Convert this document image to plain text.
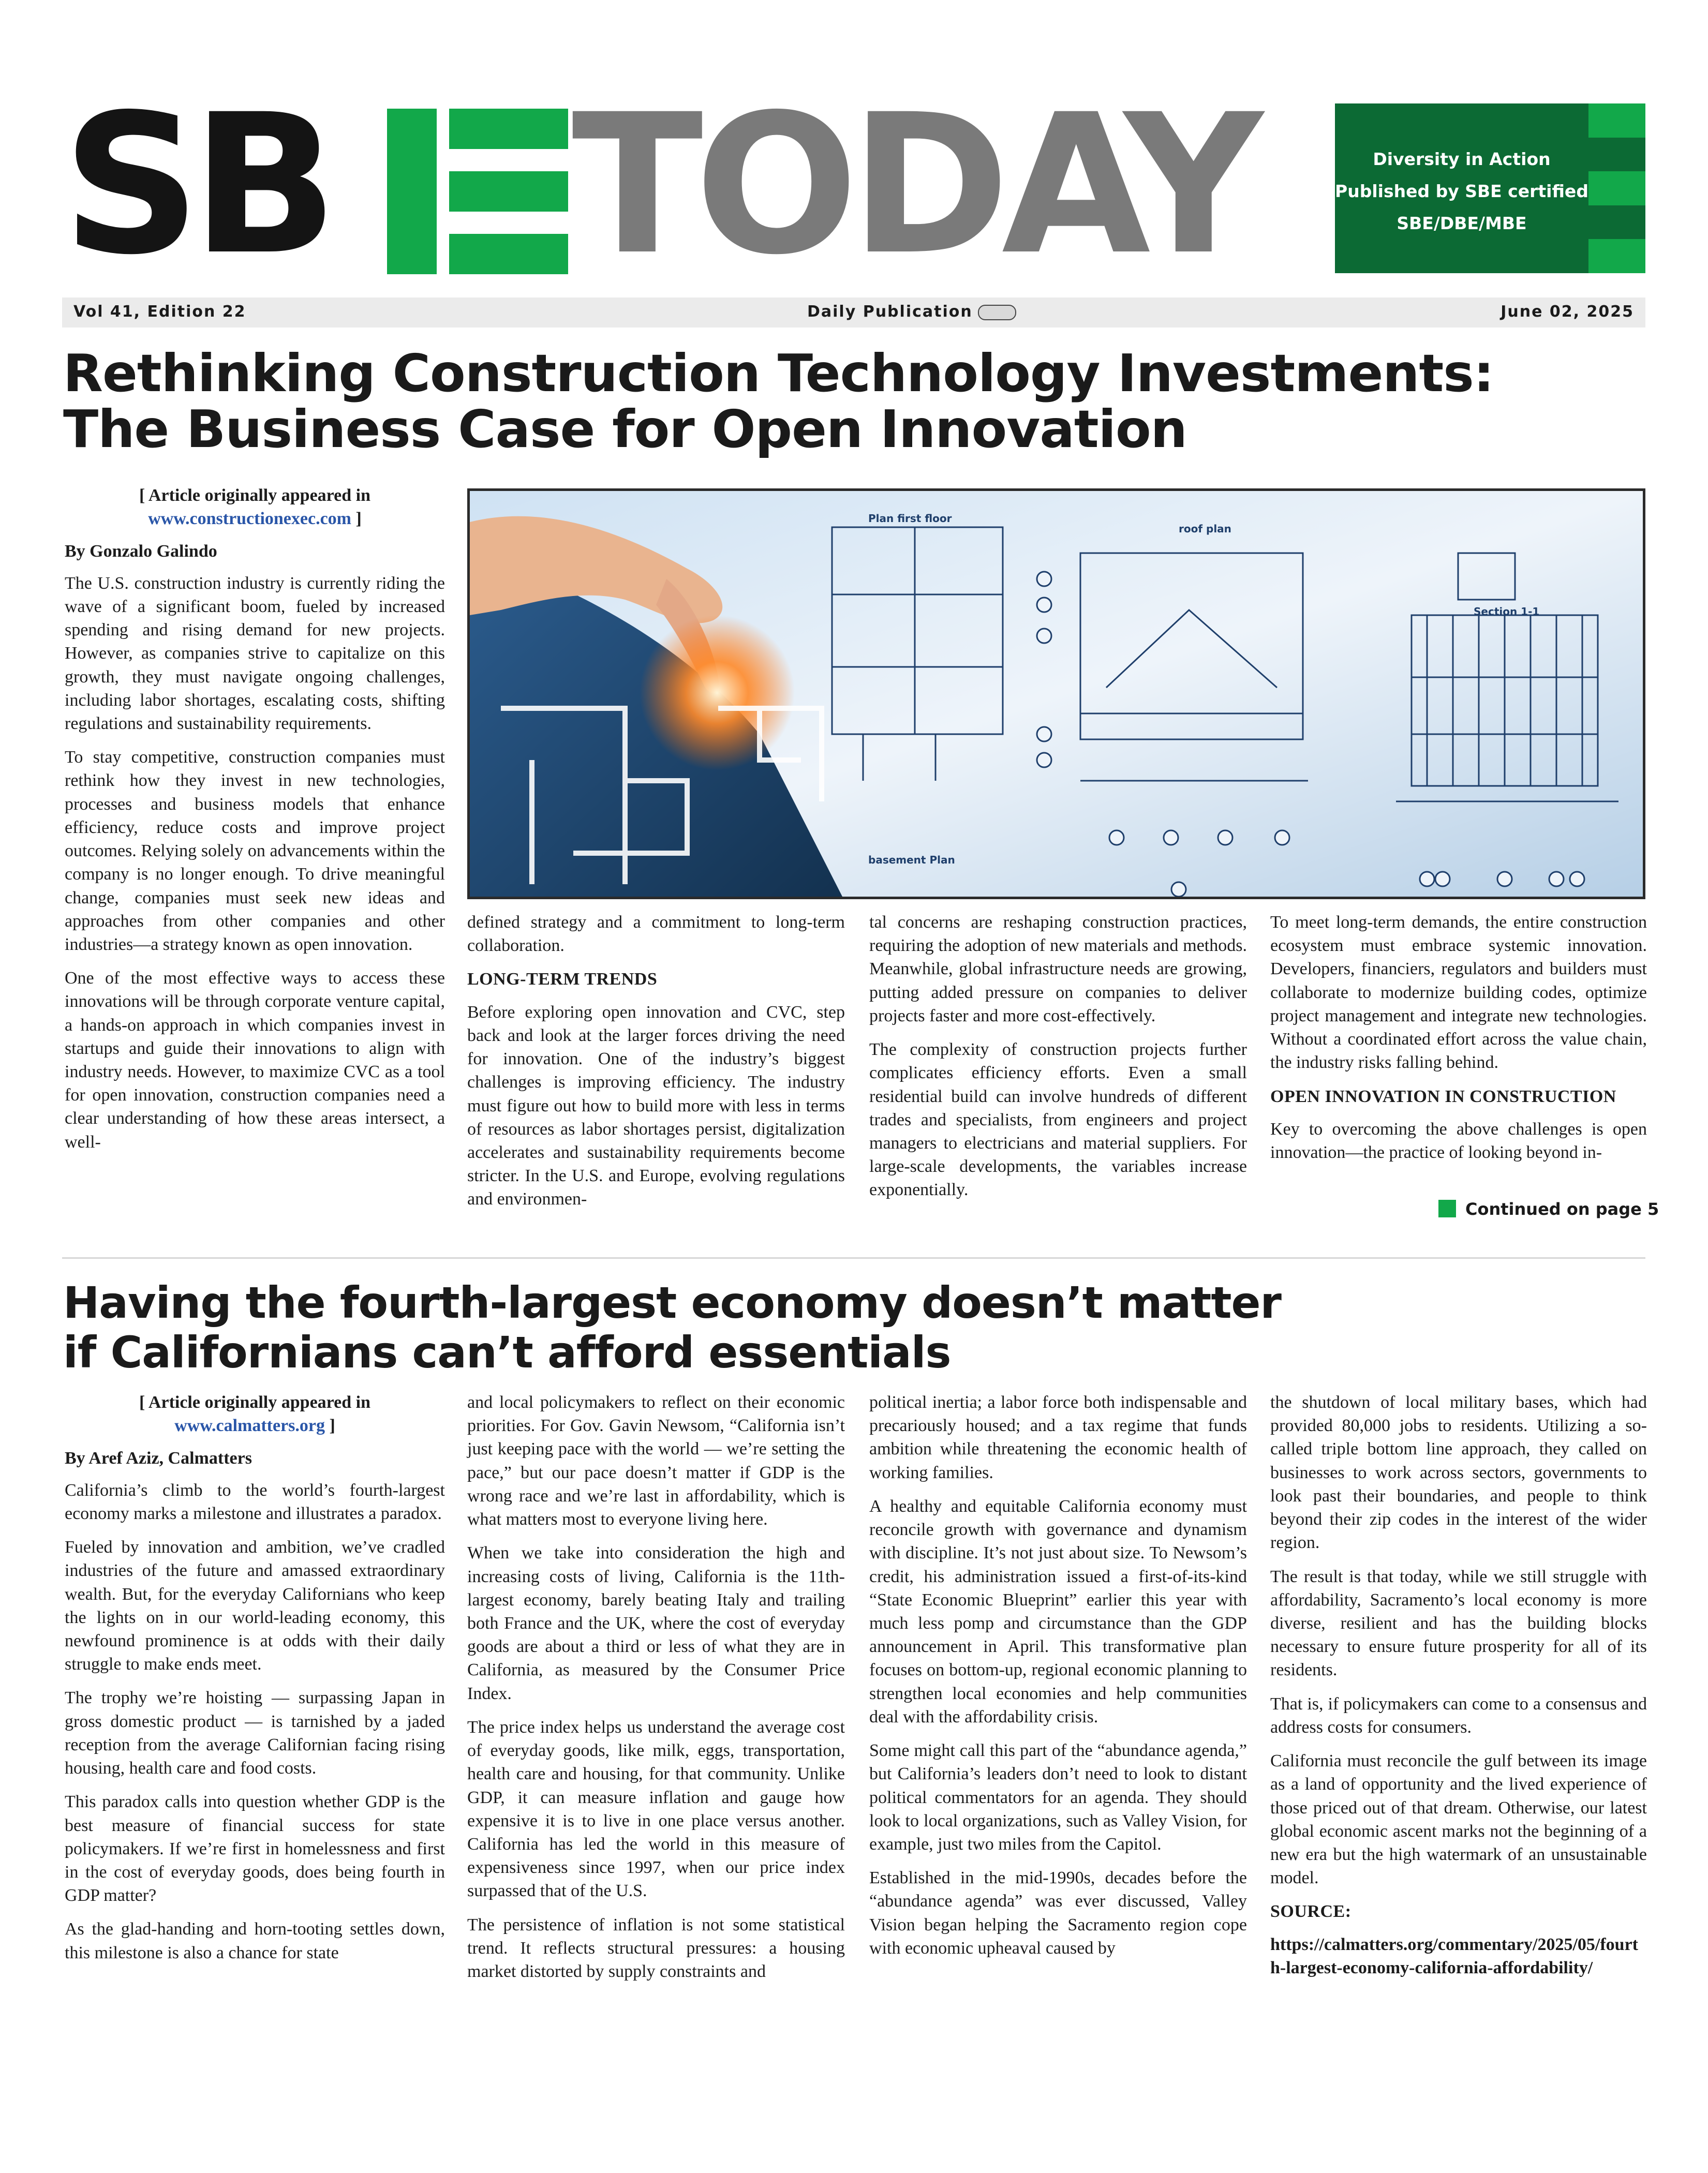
SB TODAY	Diversity in Action
Published by SBE certified
SBE/DBE/MBE
Vol 41, Edition 22	Daily Publication	June 02, 2025
Rethinking Construction Technology Investments:
The Business Case for Open Innovation

[ Article originally appeared in
www.constructionexec.com ]

By Gonzalo Galindo

The U.S. construction industry is currently riding the wave of a significant boom, fueled by increased spending and rising demand for new projects. However, as companies strive to capitalize on this growth, they must navigate ongoing challenges, including labor shortages, escalating costs, shifting regulations and sustainability requirements.

To stay competitive, construction companies must rethink how they invest in new technologies, processes and business models that enhance efficiency, reduce costs and improve project outcomes. Relying solely on advancements within the company is no longer enough. To drive meaningful change, companies must seek new ideas and approaches from other companies and other industries—a strategy known as open innovation.

One of the most effective ways to access these innovations will be through corporate venture capital, a hands-on approach in which companies invest in startups and guide their innovations to align with industry needs. However, to maximize CVC as a tool for open innovation, construction companies need a clear understanding of how these areas intersect, a well-

Plan first floor
roof plan
Section 1-1
basement Plan

defined strategy and a commitment to long-term collaboration.

LONG-TERM TRENDS

Before exploring open innovation and CVC, step back and look at the larger forces driving the need for innovation. One of the industry’s biggest challenges is improving efficiency. The industry must figure out how to build more with less in terms of resources as labor shortages persist, digitalization accelerates and sustainability requirements become stricter. In the U.S. and Europe, evolving regulations and environmen-

tal concerns are reshaping construction practices, requiring the adoption of new materials and methods. Meanwhile, global infrastructure needs are growing, putting added pressure on companies to deliver projects faster and more cost-effectively.

The complexity of construction projects further complicates efficiency efforts. Even a small residential build can involve hundreds of different trades and specialists, from engineers and project managers to electricians and material suppliers. For large-scale developments, the variables increase exponentially.

To meet long-term demands, the entire construction ecosystem must embrace systemic innovation. Developers, financiers, regulators and builders must collaborate to modernize building codes, optimize project management and integrate new technologies. Without a coordinated effort across the value chain, the industry risks falling behind.

OPEN INNOVATION IN CONSTRUCTION

Key to overcoming the above challenges is open innovation—the practice of looking beyond in-

Continued on page 5
Having the fourth-largest economy doesn’t matter
if Californians can’t afford essentials

[ Article originally appeared in
www.calmatters.org ]

By Aref Aziz, Calmatters

California’s climb to the world’s fourth-largest economy marks a milestone and illustrates a paradox.

Fueled by innovation and ambition, we’ve cradled industries of the future and amassed extraordinary wealth. But, for the everyday Californians who keep the lights on in our world-leading economy, this newfound prominence is at odds with their daily struggle to make ends meet.

The trophy we’re hoisting — surpassing Japan in gross domestic product — is tarnished by a jaded reception from the average Californian facing rising housing, health care and food costs.

This paradox calls into question whether GDP is the best measure of financial success for state policymakers. If we’re first in homelessness and first in the cost of everyday goods, does being fourth in GDP matter?

As the glad-handing and horn-tooting settles down, this milestone is also a chance for state

and local policymakers to reflect on their economic priorities. For Gov. Gavin Newsom, “California isn’t just keeping pace with the world — we’re setting the pace,” but our pace doesn’t matter if GDP is the wrong race and we’re last in affordability, which is what matters most to everyone living here.

When we take into consideration the high and increasing costs of living, California is the 11th-largest economy, barely beating Italy and trailing both France and the UK, where the cost of everyday goods are about a third or less of what they are in California, as measured by the Consumer Price Index.

The price index helps us understand the average cost of everyday goods, like milk, eggs, transportation, health care and housing, for that community. Unlike GDP, it can measure inflation and gauge how expensive it is to live in one place versus another. California has led the world in this measure of expensiveness since 1997, when our price index surpassed that of the U.S.

The persistence of inflation is not some statistical trend. It reflects structural pressures: a housing market distorted by supply constraints and

political inertia; a labor force both indispensable and precariously housed; and a tax regime that funds ambition while threatening the economic health of working families.

A healthy and equitable California economy must reconcile growth with governance and dynamism with discipline. It’s not just about size. To Newsom’s credit, his administration issued a first-of-its-kind “State Economic Blueprint” earlier this year with much less pomp and circumstance than the GDP announcement in April. This transformative plan focuses on bottom-up, regional economic planning to strengthen local economies and help communities deal with the affordability crisis.

Some might call this part of the “abundance agenda,” but California’s leaders don’t need to look to distant political commentators for an agenda. They should look to local organizations, such as Valley Vision, for example, just two miles from the Capitol.

Established in the mid-1990s, decades before the “abundance agenda” was ever discussed, Valley Vision began helping the Sacramento region cope with economic upheaval caused by

the shutdown of local military bases, which had provided 80,000 jobs to residents. Utilizing a so-called triple bottom line approach, they called on businesses to work across sectors, governments to look past their boundaries, and people to think beyond their zip codes in the interest of the wider region.

The result is that today, while we still struggle with affordability, Sacramento’s local economy is more diverse, resilient and has the building blocks necessary to ensure future prosperity for all of its residents.

That is, if policymakers can come to a consensus and address costs for consumers.

California must reconcile the gulf between its image as a land of opportunity and the lived experience of those priced out of that dream. Otherwise, our latest global economic ascent marks not the beginning of a new era but the high watermark of an unsustainable model.

SOURCE:

https://calmatters.org/commentary/2025/05/fourth-largest-economy-california-affordability/
